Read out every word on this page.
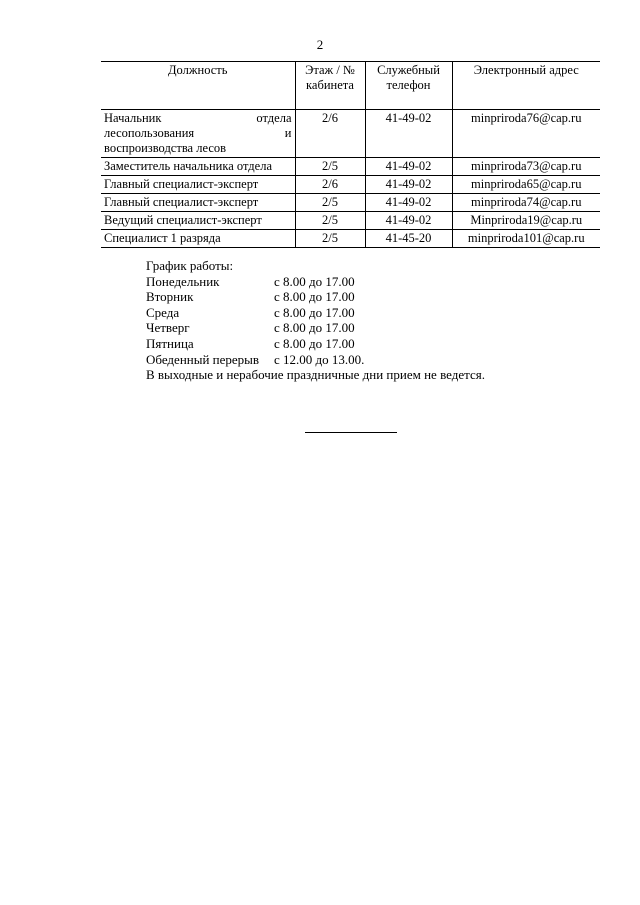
2
Должность	Этаж / № кабинета	Служебный телефон	Электронный адрес
Начальник отдела лесопользования и воспроизводства лесов	2/6	41-49-02	minpriroda76@cap.ru
Заместитель начальника отдела	2/5	41-49-02	minpriroda73@cap.ru
Главный специалист-эксперт	2/6	41-49-02	minpriroda65@cap.ru
Главный специалист-эксперт	2/5	41-49-02	minpriroda74@cap.ru
Ведущий специалист-эксперт	2/5	41-49-02	Minpriroda19@cap.ru
Специалист 1 разряда	2/5	41-45-20	minpriroda101@cap.ru
График работы:
Понедельник	с 8.00 до 17.00
Вторник	с 8.00 до 17.00
Среда	с 8.00 до 17.00
Четверг	с 8.00 до 17.00
Пятница	с 8.00 до 17.00
Обеденный перерыв	с 12.00 до 13.00.
В выходные и нерабочие праздничные дни прием не ведется.
